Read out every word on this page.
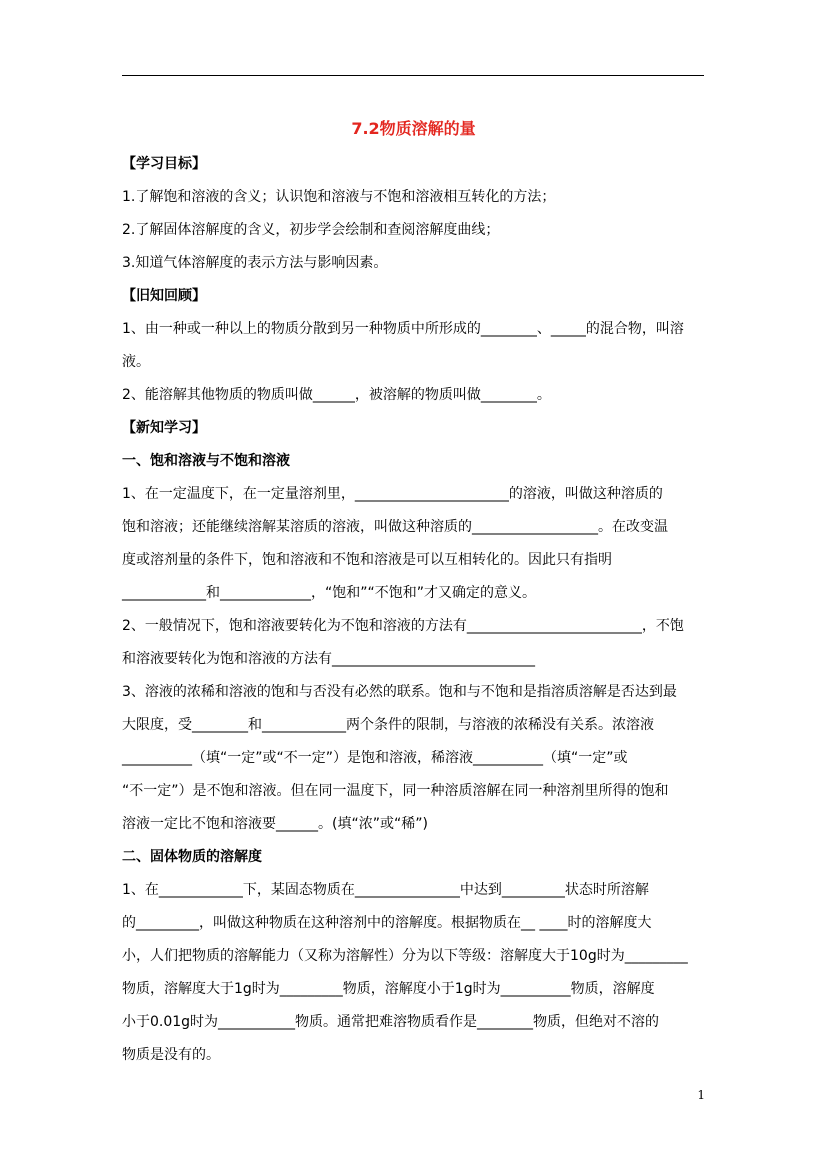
7.2物质溶解的量

【学习目标】

1.了解饱和溶液的含义；认识饱和溶液与不饱和溶液相互转化的方法；

2.了解固体溶解度的含义，初步学会绘制和查阅溶解度曲线；

3.知道气体溶解度的表示方法与影响因素。

【旧知回顾】

1、由一种或一种以上的物质分散到另一种物质中所形成的________、_____的混合物，叫溶

液。

2、能溶解其他物质的物质叫做______，被溶解的物质叫做________。

【新知学习】

一、饱和溶液与不饱和溶液

1、在一定温度下，在一定量溶剂里，______________________的溶液，叫做这种溶质的

饱和溶液；还能继续溶解某溶质的溶液，叫做这种溶质的__________________。在改变温

度或溶剂量的条件下，饱和溶液和不饱和溶液是可以互相转化的。因此只有指明

____________和_____________，“饱和”“不饱和”才又确定的意义。

2、一般情况下，饱和溶液要转化为不饱和溶液的方法有_________________________，不饱

和溶液要转化为饱和溶液的方法有_____________________________

3、溶液的浓稀和溶液的饱和与否没有必然的联系。饱和与不饱和是指溶质溶解是否达到最

大限度，受________和____________两个条件的限制，与溶液的浓稀没有关系。浓溶液

__________（填“一定”或“不一定”）是饱和溶液，稀溶液__________（填“一定”或

“不一定”）是不饱和溶液。但在同一温度下，同一种溶质溶解在同一种溶剂里所得的饱和

溶液一定比不饱和溶液要______。(填“浓”或“稀”)

二、固体物质的溶解度

1、在____________下，某固态物质在_______________中达到_________状态时所溶解

的_________，叫做这种物质在这种溶剂中的溶解度。根据物质在__ ____时的溶解度大

小，人们把物质的溶解能力（又称为溶解性）分为以下等级：溶解度大于10g时为_________

物质，溶解度大于1g时为_________物质，溶解度小于1g时为__________物质，溶解度

小于0.01g时为___________物质。通常把难溶物质看作是________物质，但绝对不溶的

物质是没有的。

1
